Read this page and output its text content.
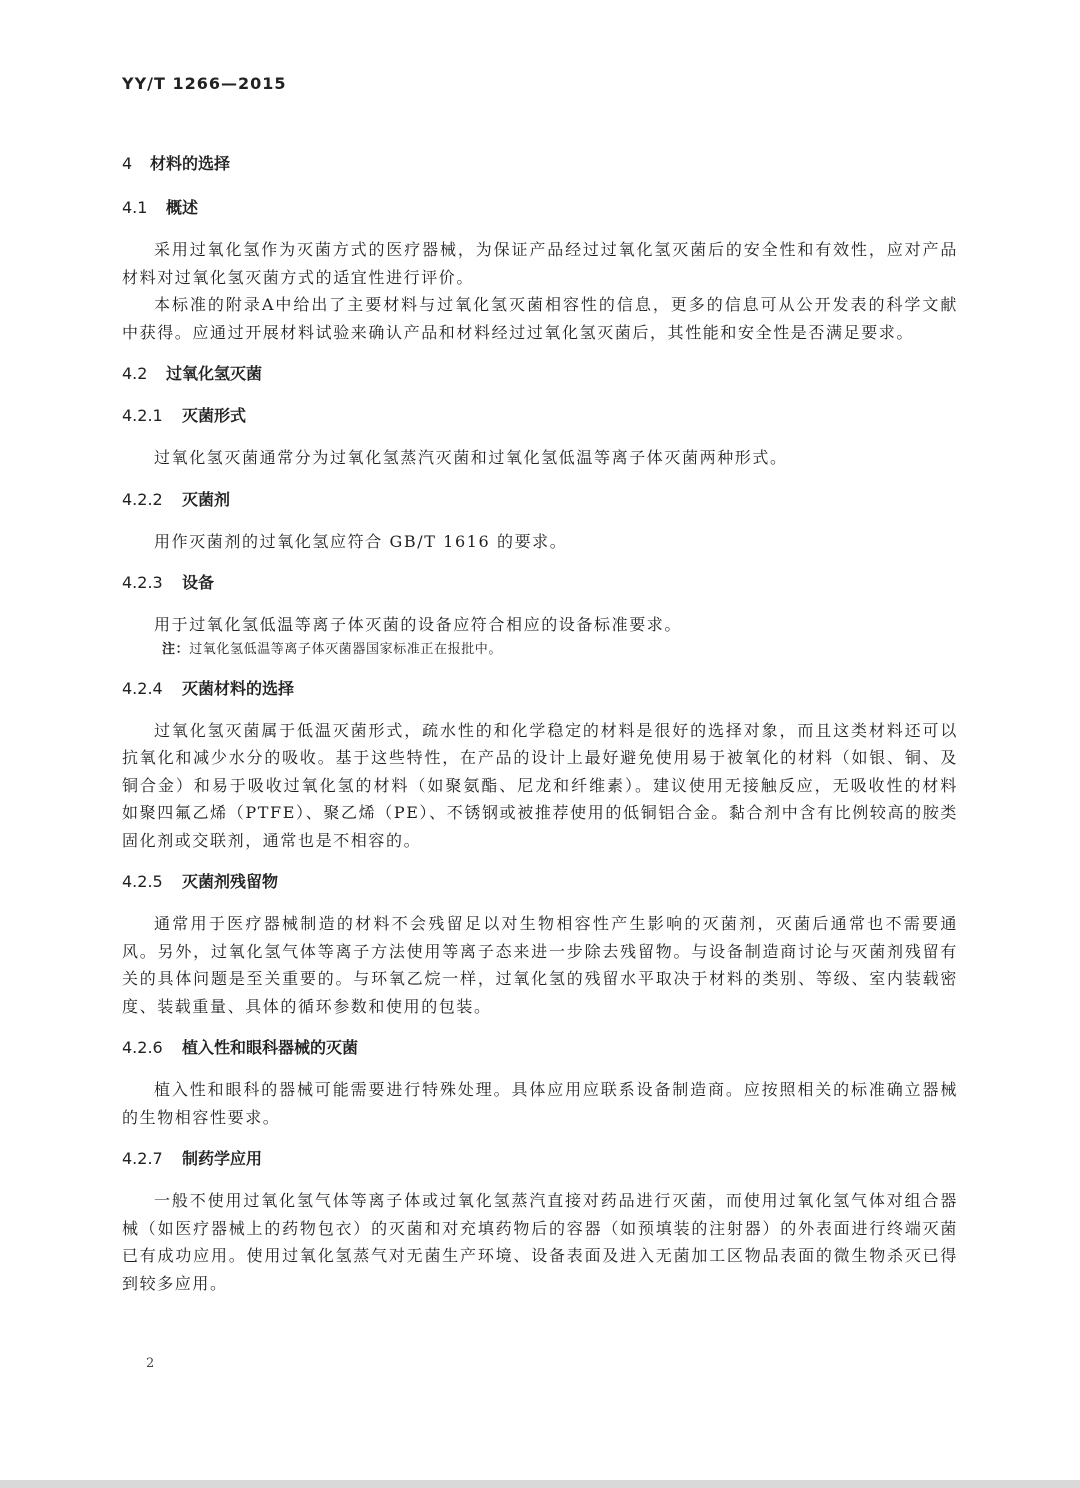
YY/T 1266—2015
4 材料的选择
4.1 概述

采用过氧化氢作为灭菌方式的医疗器械，为保证产品经过过氧化氢灭菌后的安全性和有效性，应对产品材料对过氧化氢灭菌方式的适宜性进行评价。

本标准的附录A中给出了主要材料与过氧化氢灭菌相容性的信息，更多的信息可从公开发表的科学文献中获得。应通过开展材料试验来确认产品和材料经过过氧化氢灭菌后，其性能和安全性是否满足要求。

4.2 过氧化氢灭菌
4.2.1 灭菌形式

过氧化氢灭菌通常分为过氧化氢蒸汽灭菌和过氧化氢低温等离子体灭菌两种形式。

4.2.2 灭菌剂

用作灭菌剂的过氧化氢应符合 GB/T 1616 的要求。

4.2.3 设备

用于过氧化氢低温等离子体灭菌的设备应符合相应的设备标准要求。

注：过氧化氢低温等离子体灭菌器国家标准正在报批中。
4.2.4 灭菌材料的选择

过氧化氢灭菌属于低温灭菌形式，疏水性的和化学稳定的材料是很好的选择对象，而且这类材料还可以抗氧化和减少水分的吸收。基于这些特性，在产品的设计上最好避免使用易于被氧化的材料（如银、铜、及铜合金）和易于吸收过氧化氢的材料（如聚氨酯、尼龙和纤维素）。建议使用无接触反应，无吸收性的材料如聚四氟乙烯（PTFE）、聚乙烯（PE）、不锈钢或被推荐使用的低铜铝合金。黏合剂中含有比例较高的胺类固化剂或交联剂，通常也是不相容的。

4.2.5 灭菌剂残留物

通常用于医疗器械制造的材料不会残留足以对生物相容性产生影响的灭菌剂，灭菌后通常也不需要通风。另外，过氧化氢气体等离子方法使用等离子态来进一步除去残留物。与设备制造商讨论与灭菌剂残留有关的具体问题是至关重要的。与环氧乙烷一样，过氧化氢的残留水平取决于材料的类别、等级、室内装载密度、装载重量、具体的循环参数和使用的包装。

4.2.6 植入性和眼科器械的灭菌

植入性和眼科的器械可能需要进行特殊处理。具体应用应联系设备制造商。应按照相关的标准确立器械的生物相容性要求。

4.2.7 制药学应用

一般不使用过氧化氢气体等离子体或过氧化氢蒸汽直接对药品进行灭菌，而使用过氧化氢气体对组合器械（如医疗器械上的药物包衣）的灭菌和对充填药物后的容器（如预填装的注射器）的外表面进行终端灭菌已有成功应用。使用过氧化氢蒸气对无菌生产环境、设备表面及进入无菌加工区物品表面的微生物杀灭已得到较多应用。

2
